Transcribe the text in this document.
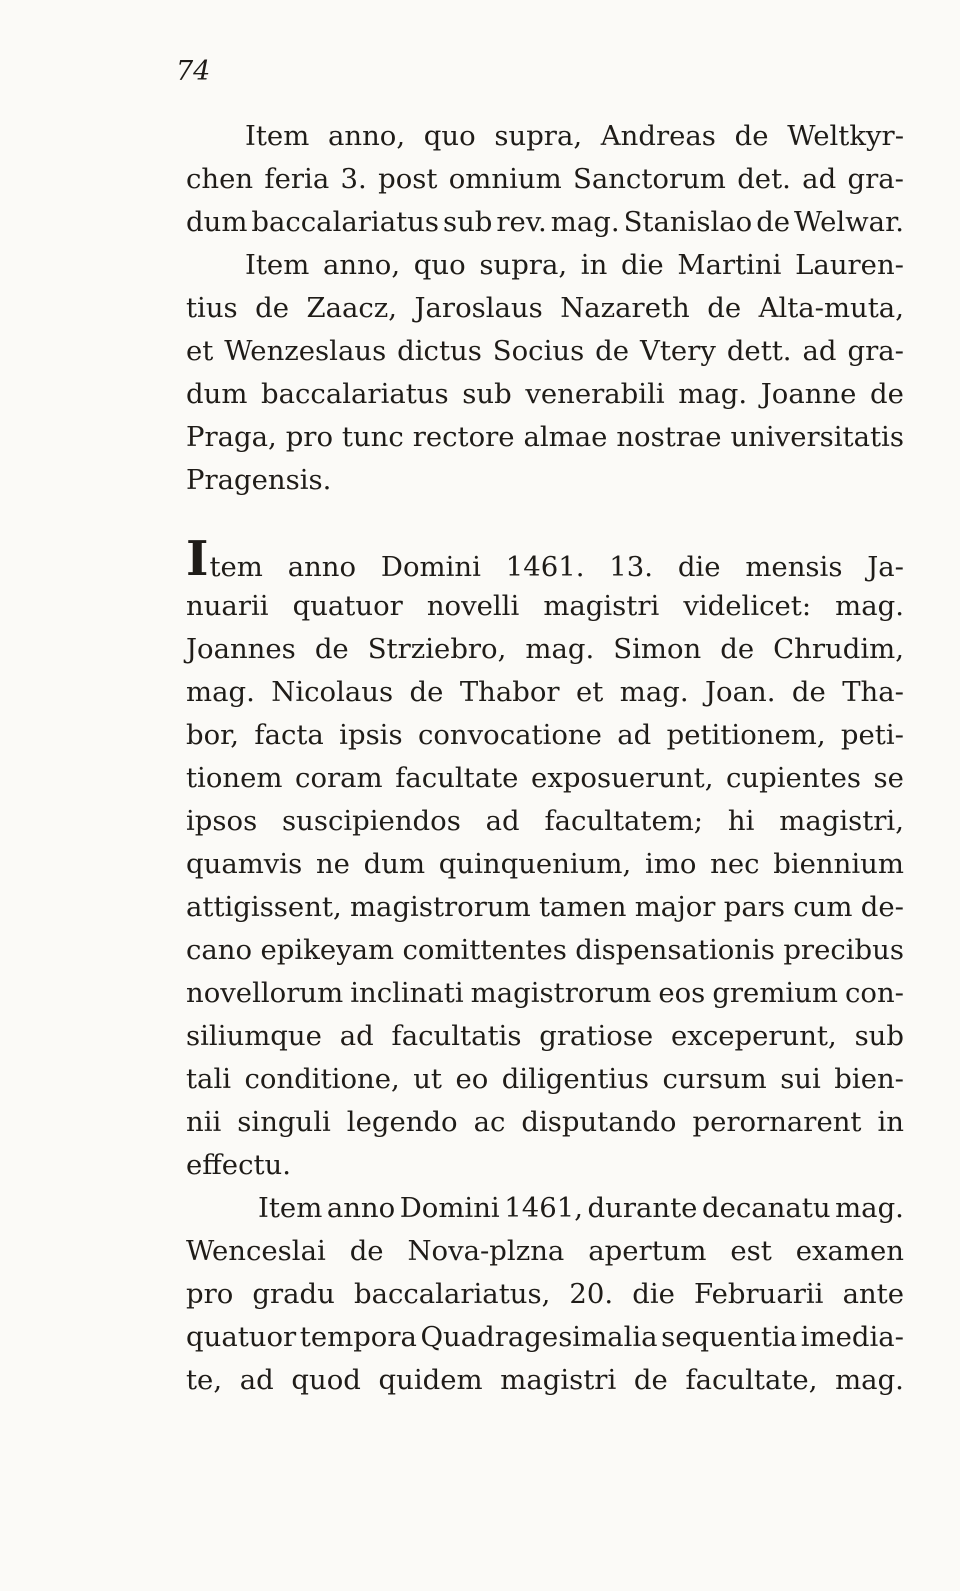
74
Item anno, quo supra, Andreas de Weltkyr-
chen feria 3. post omnium Sanctorum det. ad gra-
dum baccalariatus sub rev. mag. Stanislao de Welwar.
Item anno, quo supra, in die Martini Lauren-
tius de Zaacz, Jaroslaus Nazareth de Alta-muta,
et Wenzeslaus dictus Socius de Vtery dett. ad gra-
dum baccalariatus sub venerabili mag. Joanne de
Praga, pro tunc rectore almae nostrae universitatis
Pragensis.
I tem anno Domini 1461. 13. die mensis Ja-
nuarii quatuor novelli magistri videlicet: mag.
Joannes de Strziebro, mag. Simon de Chrudim,
mag. Nicolaus de Thabor et mag. Joan. de Tha-
bor, facta ipsis convocatione ad petitionem, peti-
tionem coram facultate exposuerunt, cupientes se
ipsos suscipiendos ad facultatem; hi magistri,
quamvis ne dum quinquenium, imo nec biennium
attigissent, magistrorum tamen major pars cum de-
cano epikeyam comittentes dispensationis precibus
novellorum inclinati magistrorum eos gremium con-
siliumque ad facultatis gratiose exceperunt, sub
tali conditione, ut eo diligentius cursum sui bien-
nii singuli legendo ac disputando perornarent in
effectu.
Item anno Domini 1461, durante decanatu mag.
Wenceslai de Nova-plzna apertum est examen
pro gradu baccalariatus, 20. die Februarii ante
quatuor tempora Quadragesimalia sequentia imedia-
te, ad quod quidem magistri de facultate, mag.
